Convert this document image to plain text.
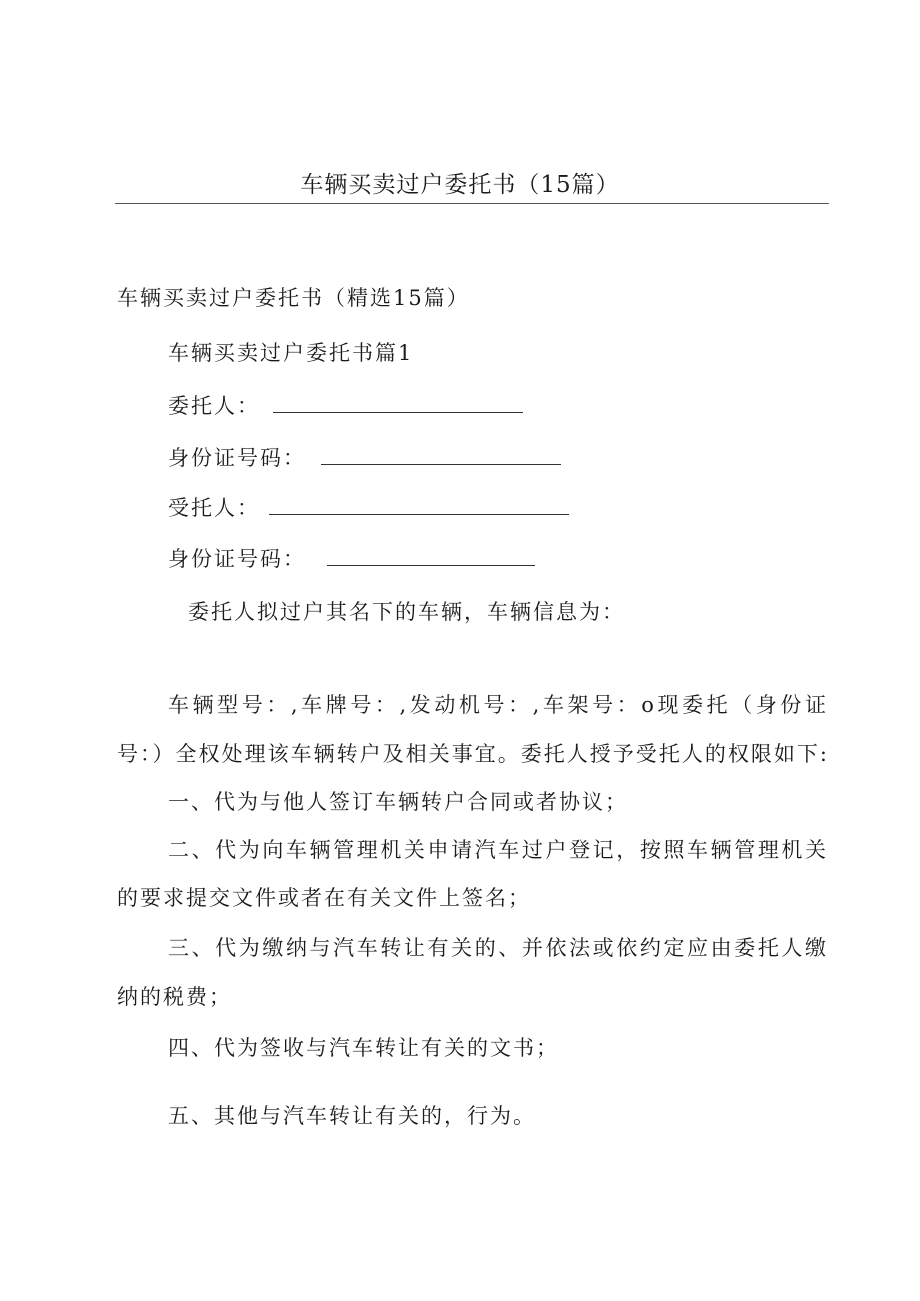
车辆买卖过户委托书（15篇）
车辆买卖过户委托书（精选15篇）
车辆买卖过户委托书篇1
委托人：
身份证号码：
受托人：
身份证号码：
委托人拟过户其名下的车辆，车辆信息为：
车辆型号：,车牌号：,发动机号：,车架号：o现委托（身份证
号：）全权处理该车辆转户及相关事宜。委托人授予受托人的权限如下:
一、代为与他人签订车辆转户合同或者协议；
二、代为向车辆管理机关申请汽车过户登记，按照车辆管理机关
的要求提交文件或者在有关文件上签名；
三、代为缴纳与汽车转让有关的、并依法或依约定应由委托人缴
纳的税费；
四、代为签收与汽车转让有关的文书；
五、其他与汽车转让有关的，行为。
